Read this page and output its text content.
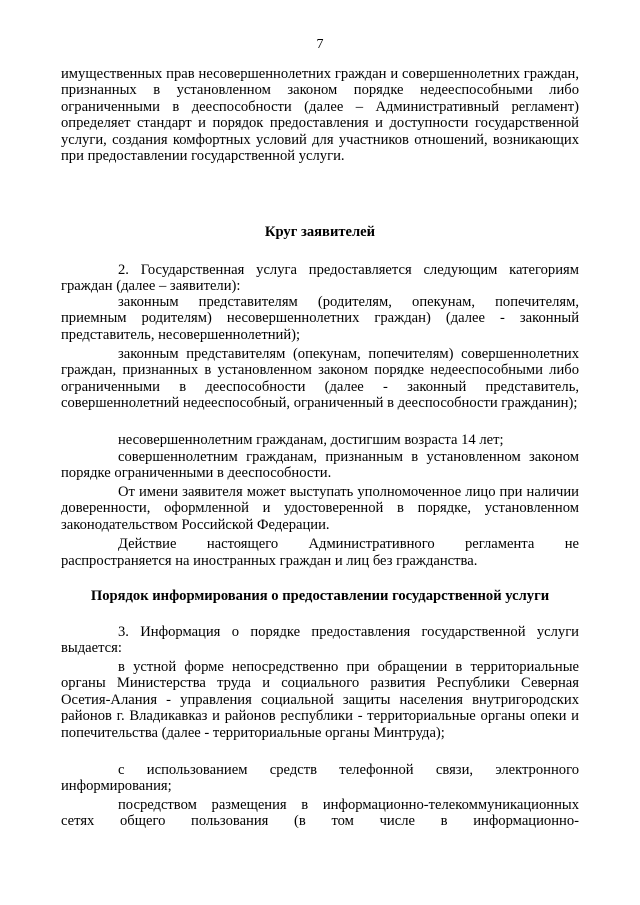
7

имущественных прав несовершеннолетних граждан и совершеннолетних граждан, признанных в установленном законом порядке недееспособными либо ограниченными в дееспособности (далее – Административный регламент) определяет стандарт и порядок предоставления и доступности государственной услуги, создания комфортных условий для участников отношений, возникающих при предоставлении государственной услуги.

Круг заявителей

2. Государственная услуга предоставляется следующим категориям граждан (далее – заявители):

законным представителям (родителям, опекунам, попечителям, приемным родителям) несовершеннолетних граждан) (далее - законный представитель, несовершеннолетний);

законным представителям (опекунам, попечителям) совершеннолетних граждан, признанных в установленном законом порядке недееспособными либо ограниченными в дееспособности (далее - законный представитель, совершеннолетний недееспособный, ограниченный в дееспособности гражданин);

несовершеннолетним гражданам, достигшим возраста 14 лет;

совершеннолетним гражданам, признанным в установленном законом порядке ограниченными в дееспособности.

От имени заявителя может выступать уполномоченное лицо при наличии доверенности, оформленной и удостоверенной в порядке, установленном законодательством Российской Федерации.

Действие настоящего Административного регламента не

распространяется на иностранных граждан и лиц без гражданства.

Порядок информирования о предоставлении государственной услуги

3. Информация о порядке предоставления государственной услуги выдается:

в устной форме непосредственно при обращении в территориальные органы Министерства труда и социального развития Республики Северная Осетия-Алания - управления социальной защиты населения внутригородских районов г. Владикавказ и районов республики - территориальные органы опеки и попечительства (далее - территориальные органы Минтруда);

с использованием средств телефонной связи, электронного информирования;

посредством размещения в информационно-телекоммуникационных сетях общего пользования (в том числе в информационно-
